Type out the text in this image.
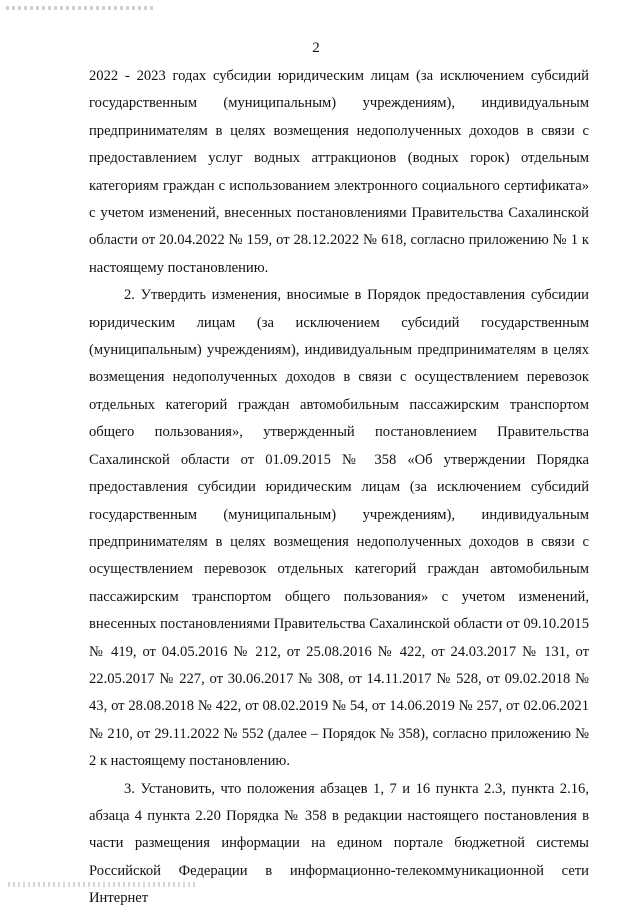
2

2022 - 2023 годах субсидии юридическим лицам (за исключением субсидий государственным (муниципальным) учреждениям), индивидуальным предпринимателям в целях возмещения недополученных доходов в связи с предоставлением услуг водных аттракционов (водных горок) отдельным категориям граждан с использованием электронного социального сертификата» с учетом изменений, внесенных постановлениями Правительства Сахалинской области от 20.04.2022 № 159, от 28.12.2022 № 618, согласно приложению № 1 к настоящему постановлению.

2. Утвердить изменения, вносимые в Порядок предоставления субсидии юридическим лицам (за исключением субсидий государственным (муниципальным) учреждениям), индивидуальным предпринимателям в целях возмещения недополученных доходов в связи с осуществлением перевозок отдельных категорий граждан автомобильным пассажирским транспортом общего пользования», утвержденный постановлением Правительства Сахалинской области от 01.09.2015 № 358 «Об утверждении Порядка предоставления субсидии юридическим лицам (за исключением субсидий государственным (муниципальным) учреждениям), индивидуальным предпринимателям в целях возмещения недополученных доходов в связи с осуществлением перевозок отдельных категорий граждан автомобильным пассажирским транспортом общего пользования» с учетом изменений, внесенных постановлениями Правительства Сахалинской области от 09.10.2015 № 419, от 04.05.2016 № 212, от 25.08.2016 № 422, от 24.03.2017 № 131, от 22.05.2017 № 227, от 30.06.2017 № 308, от 14.11.2017 № 528, от 09.02.2018 № 43, от 28.08.2018 № 422, от 08.02.2019 № 54, от 14.06.2019 № 257, от 02.06.2021 № 210, от 29.11.2022 № 552 (далее – Порядок № 358), согласно приложению № 2 к настоящему постановлению.

3. Установить, что положения абзацев 1, 7 и 16 пункта 2.3, пункта 2.16, абзаца 4 пункта 2.20 Порядка № 358 в редакции настоящего постановления в части размещения информации на едином портале бюджетной системы Российской Федерации в информационно-телекоммуникационной сети Интернет
